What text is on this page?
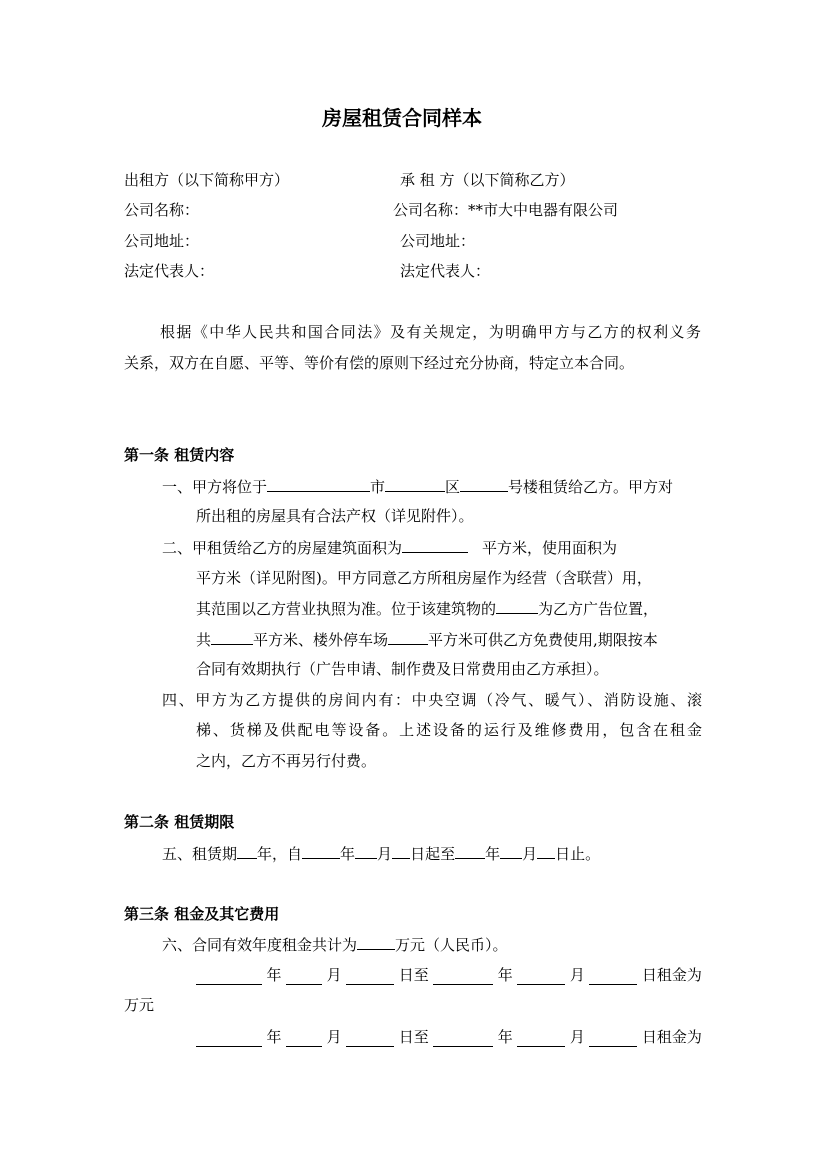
房屋租赁合同样本
出租方（以下简称甲方）	承 租 方（以下简称乙方）
公司名称：	公司名称：**市大中电器有限公司
公司地址：	公司地址：
法定代表人：	法定代表人：
根据《中华人民共和国合同法》及有关规定，为明确甲方与乙方的权利义务
关系，双方在自愿、平等、等价有偿的原则下经过充分协商，特定立本合同。
第一条 租赁内容
一、甲方将位于	市	区	号楼租赁给乙方。甲方对
所出租的房屋具有合法产权（详见附件）。
二、甲租赁给乙方的房屋建筑面积为	平方米，使用面积为
平方米（详见附图)。甲方同意乙方所租房屋作为经营（含联营）用，
其范围以乙方营业执照为准。位于该建筑物的	为乙方广告位置，
共	平方米、楼外停车场	平方米可供乙方免费使用,期限按本
合同有效期执行（广告申请、制作费及日常费用由乙方承担）。
四、甲方为乙方提供的房间内有：中央空调（冷气、暖气）、消防设施、滚
梯、货梯及供配电等设备。上述设备的运行及维修费用，包含在租金
之内，乙方不再另行付费。
第二条 租赁期限
五、租赁期 年，自	年 月 日起至 年 月 日止。
第三条 租金及其它费用
六、合同有效年度租金共计为	万元（人民币）。
年	月	日至	年	月	日租金为
万元
年	月	日至	年	月	日租金为
